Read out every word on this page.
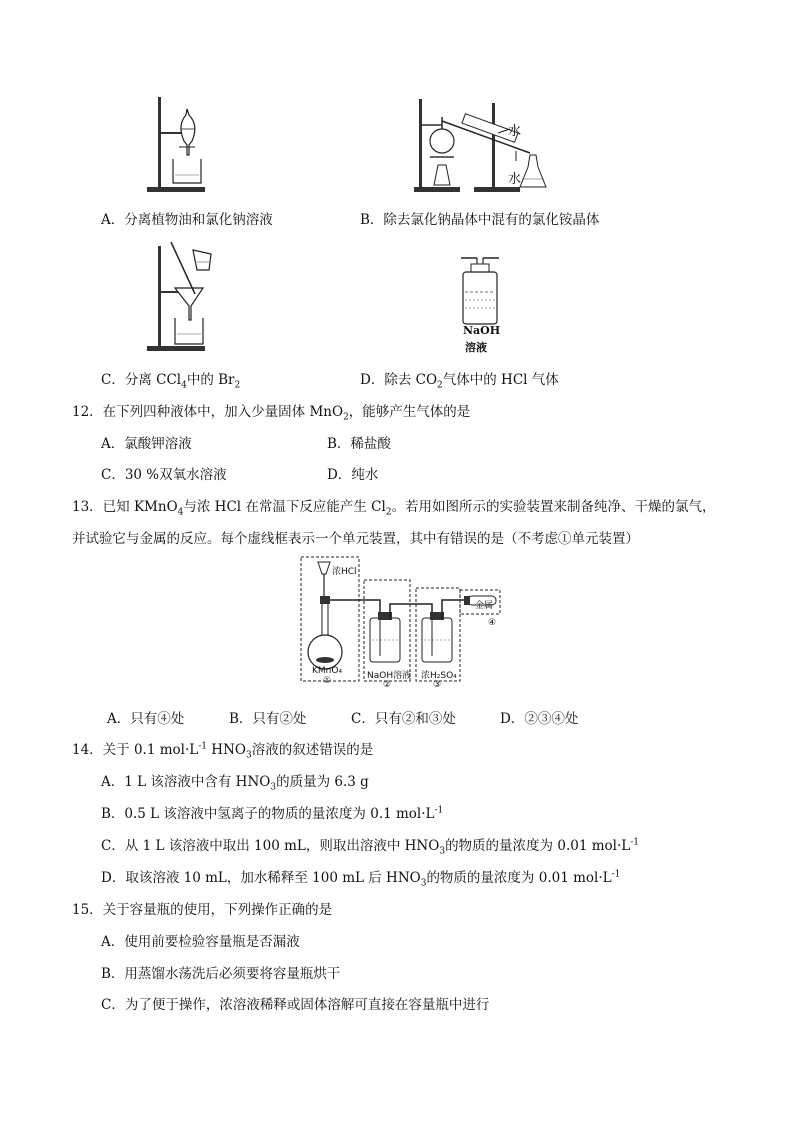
水
水
NaOH
溶液
A．分离植物油和氯化钠溶液	B．除去氯化钠晶体中混有的氯化铵晶体
C．分离 CCl$_4$中的 $Br_2$	D．除去 $CO_2$气体中的 HCl 气体
12．在下列四种液体中，加入少量固体 MnO$_2$，能够产生气体的是
A．氯酸钾溶液	B．稀盐酸
C．30 %双氧水溶液	D．纯水
13．已知 KMnO$_4$与浓 HCl 在常温下反应能产生 $Cl_2$。若用如图所示的实验装置来制备纯净、干燥的氯气，
并试验它与金属的反应。每个虚线框表示一个单元装置，其中有错误的是（不考虑①单元装置）
浓HCl
KMnO₄	NaOH溶液 浓H₂SO₄
金属
①	②	③
④
A．只有④处	B．只有②处	C．只有②和③处	D．②③④处
14．关于 0.1 $mol\cdot L^{-1}$ $HNO_3$溶液的叙述错误的是
A．1 L 该溶液中含有 $HNO_3$的质量为 6.3 g
B．0.5 L 该溶液中氢离子的物质的量浓度为 0.1 $mol\cdot L^{-1}$
C．从 1 L 该溶液中取出 100 mL，则取出溶液中 $HNO_3$的物质的量浓度为 0.01 $mol\cdot L^{-1}$
D．取该溶液 10 mL，加水稀释至 100 mL 后 $HNO_3$的物质的量浓度为 0.01 $mol\cdot L^{-1}$
15．关于容量瓶的使用，下列操作正确的是
A．使用前要检验容量瓶是否漏液
B．用蒸馏水荡洗后必须要将容量瓶烘干
C．为了便于操作，浓溶液稀释或固体溶解可直接在容量瓶中进行
